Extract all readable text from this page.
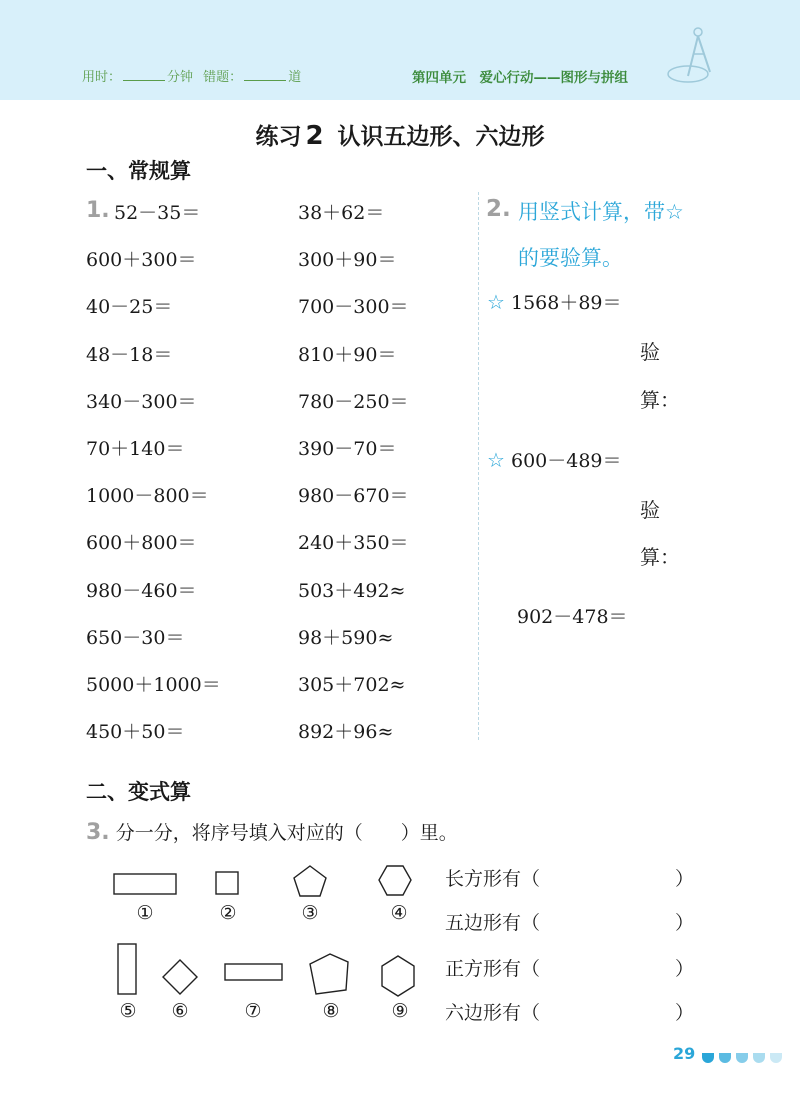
用时：	分钟 错题：	道	第四单元　爱心行动——图形与拼组
练习 2 认识五边形、六边形
一、常规算
1. 52－35＝
600＋300＝
40－25＝
48－18＝
340－300＝
70＋140＝
1000－800＝
600＋800＝
980－460＝
650－30＝
5000＋1000＝
450＋50＝
38＋62＝
300＋90＝
700－300＝
810＋90＝
780－250＝
390－70＝
980－670＝
240＋350＝
503＋492≈
98＋590≈
305＋702≈
892＋96≈
2. 用竖式计算，带☆
的要验算。
☆ 1568＋89＝
验
算：
☆ 600－489＝
验
算：
902－478＝
二、变式算
3. 分一分，将序号填入对应的（　　）里。
①	②	③	④
⑤	⑥	⑦	⑧	⑨
长方形有（	）
五边形有（	）
正方形有（	）
六边形有（	）
29
